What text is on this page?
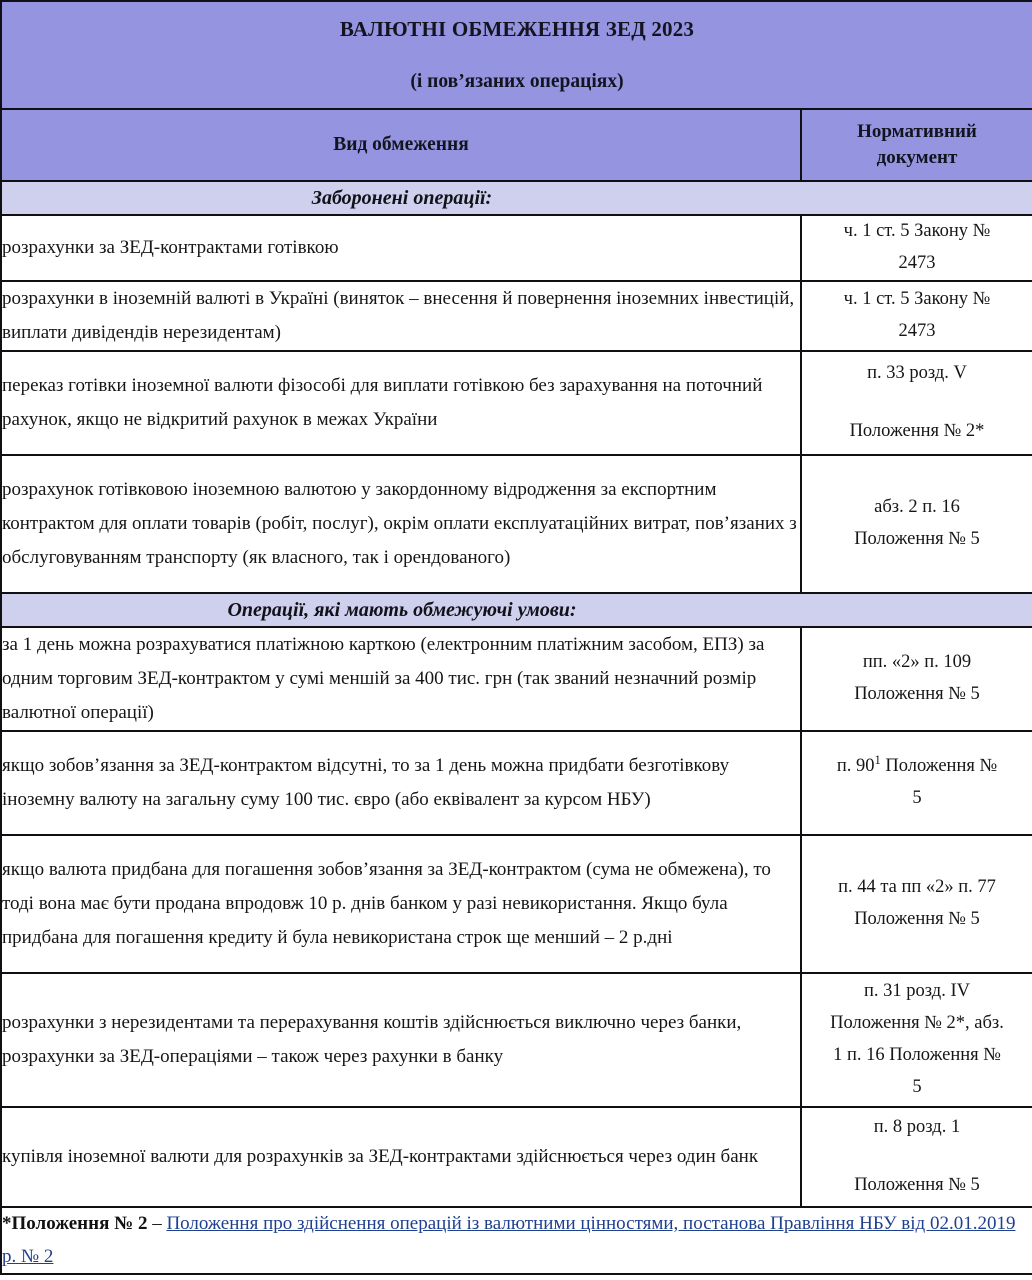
ВАЛЮТНІ ОБМЕЖЕННЯ ЗЕД 2023
(і пов’язаних операціях)	

Вид обмеження	Нормативний
документ

Заборонені операції:	

розрахунки за ЗЕД-контрактами готівкою	ч. 1 ст. 5 Закону №
2473

розрахунки в іноземній валюті в Україні (виняток – внесення й повернення іноземних інвестицій, виплати дивідендів нерезидентам)	ч. 1 ст. 5 Закону №
2473

переказ готівки іноземної валюти фізособі для виплати готівкою без зарахування на поточний рахунок, якщо не відкритий рахунок в межах України	п. 33 розд. V
Положення № 2*

розрахунок готівковою іноземною валютою у закордонному відродження за експортним контрактом для оплати товарів (робіт, послуг), окрім оплати експлуатаційних витрат, пов’язаних з обслуговуванням транспорту (як власного, так і орендованого)	абз. 2 п. 16
Положення № 5

Операції, які мають обмежуючі умови:	

за 1 день можна розрахуватися платіжною карткою (електронним платіжним засобом, ЕПЗ) за одним торговим ЗЕД-контрактом у сумі меншій за 400 тис. грн (так званий незначний розмір валютної операції)	пп. «2» п. 109
Положення № 5

якщо зобов’язання за ЗЕД-контрактом відсутні, то за 1 день можна придбати безготівкову іноземну валюту на загальну суму 100 тис. євро (або еквівалент за курсом НБУ)	п. $90^1$ Положення №
5

якщо валюта придбана для погашення зобов’язання за ЗЕД-контрактом (сума не обмежена), то тоді вона має бути продана впродовж 10 р. днів банком у разі невикористання. Якщо була придбана для погашення кредиту й була невикористана строк ще менший – 2 р.дні	п. 44 та пп «2» п. 77
Положення № 5

розрахунки з нерезидентами та перерахування коштів здійснюється виключно через банки, розрахунки за ЗЕД-операціями – також через рахунки в банку	п. 31 розд. IV
Положення № 2*, абз.
1 п. 16 Положення №
5

купівля іноземної валюти для розрахунків за ЗЕД-контрактами здійснюється через один банк	п. 8 розд. 1
Положення № 5

*Положення № 2 – Положення про здійснення операцій із валютними цінностями, постанова Правління НБУ від 02.01.2019 р. № 2	
